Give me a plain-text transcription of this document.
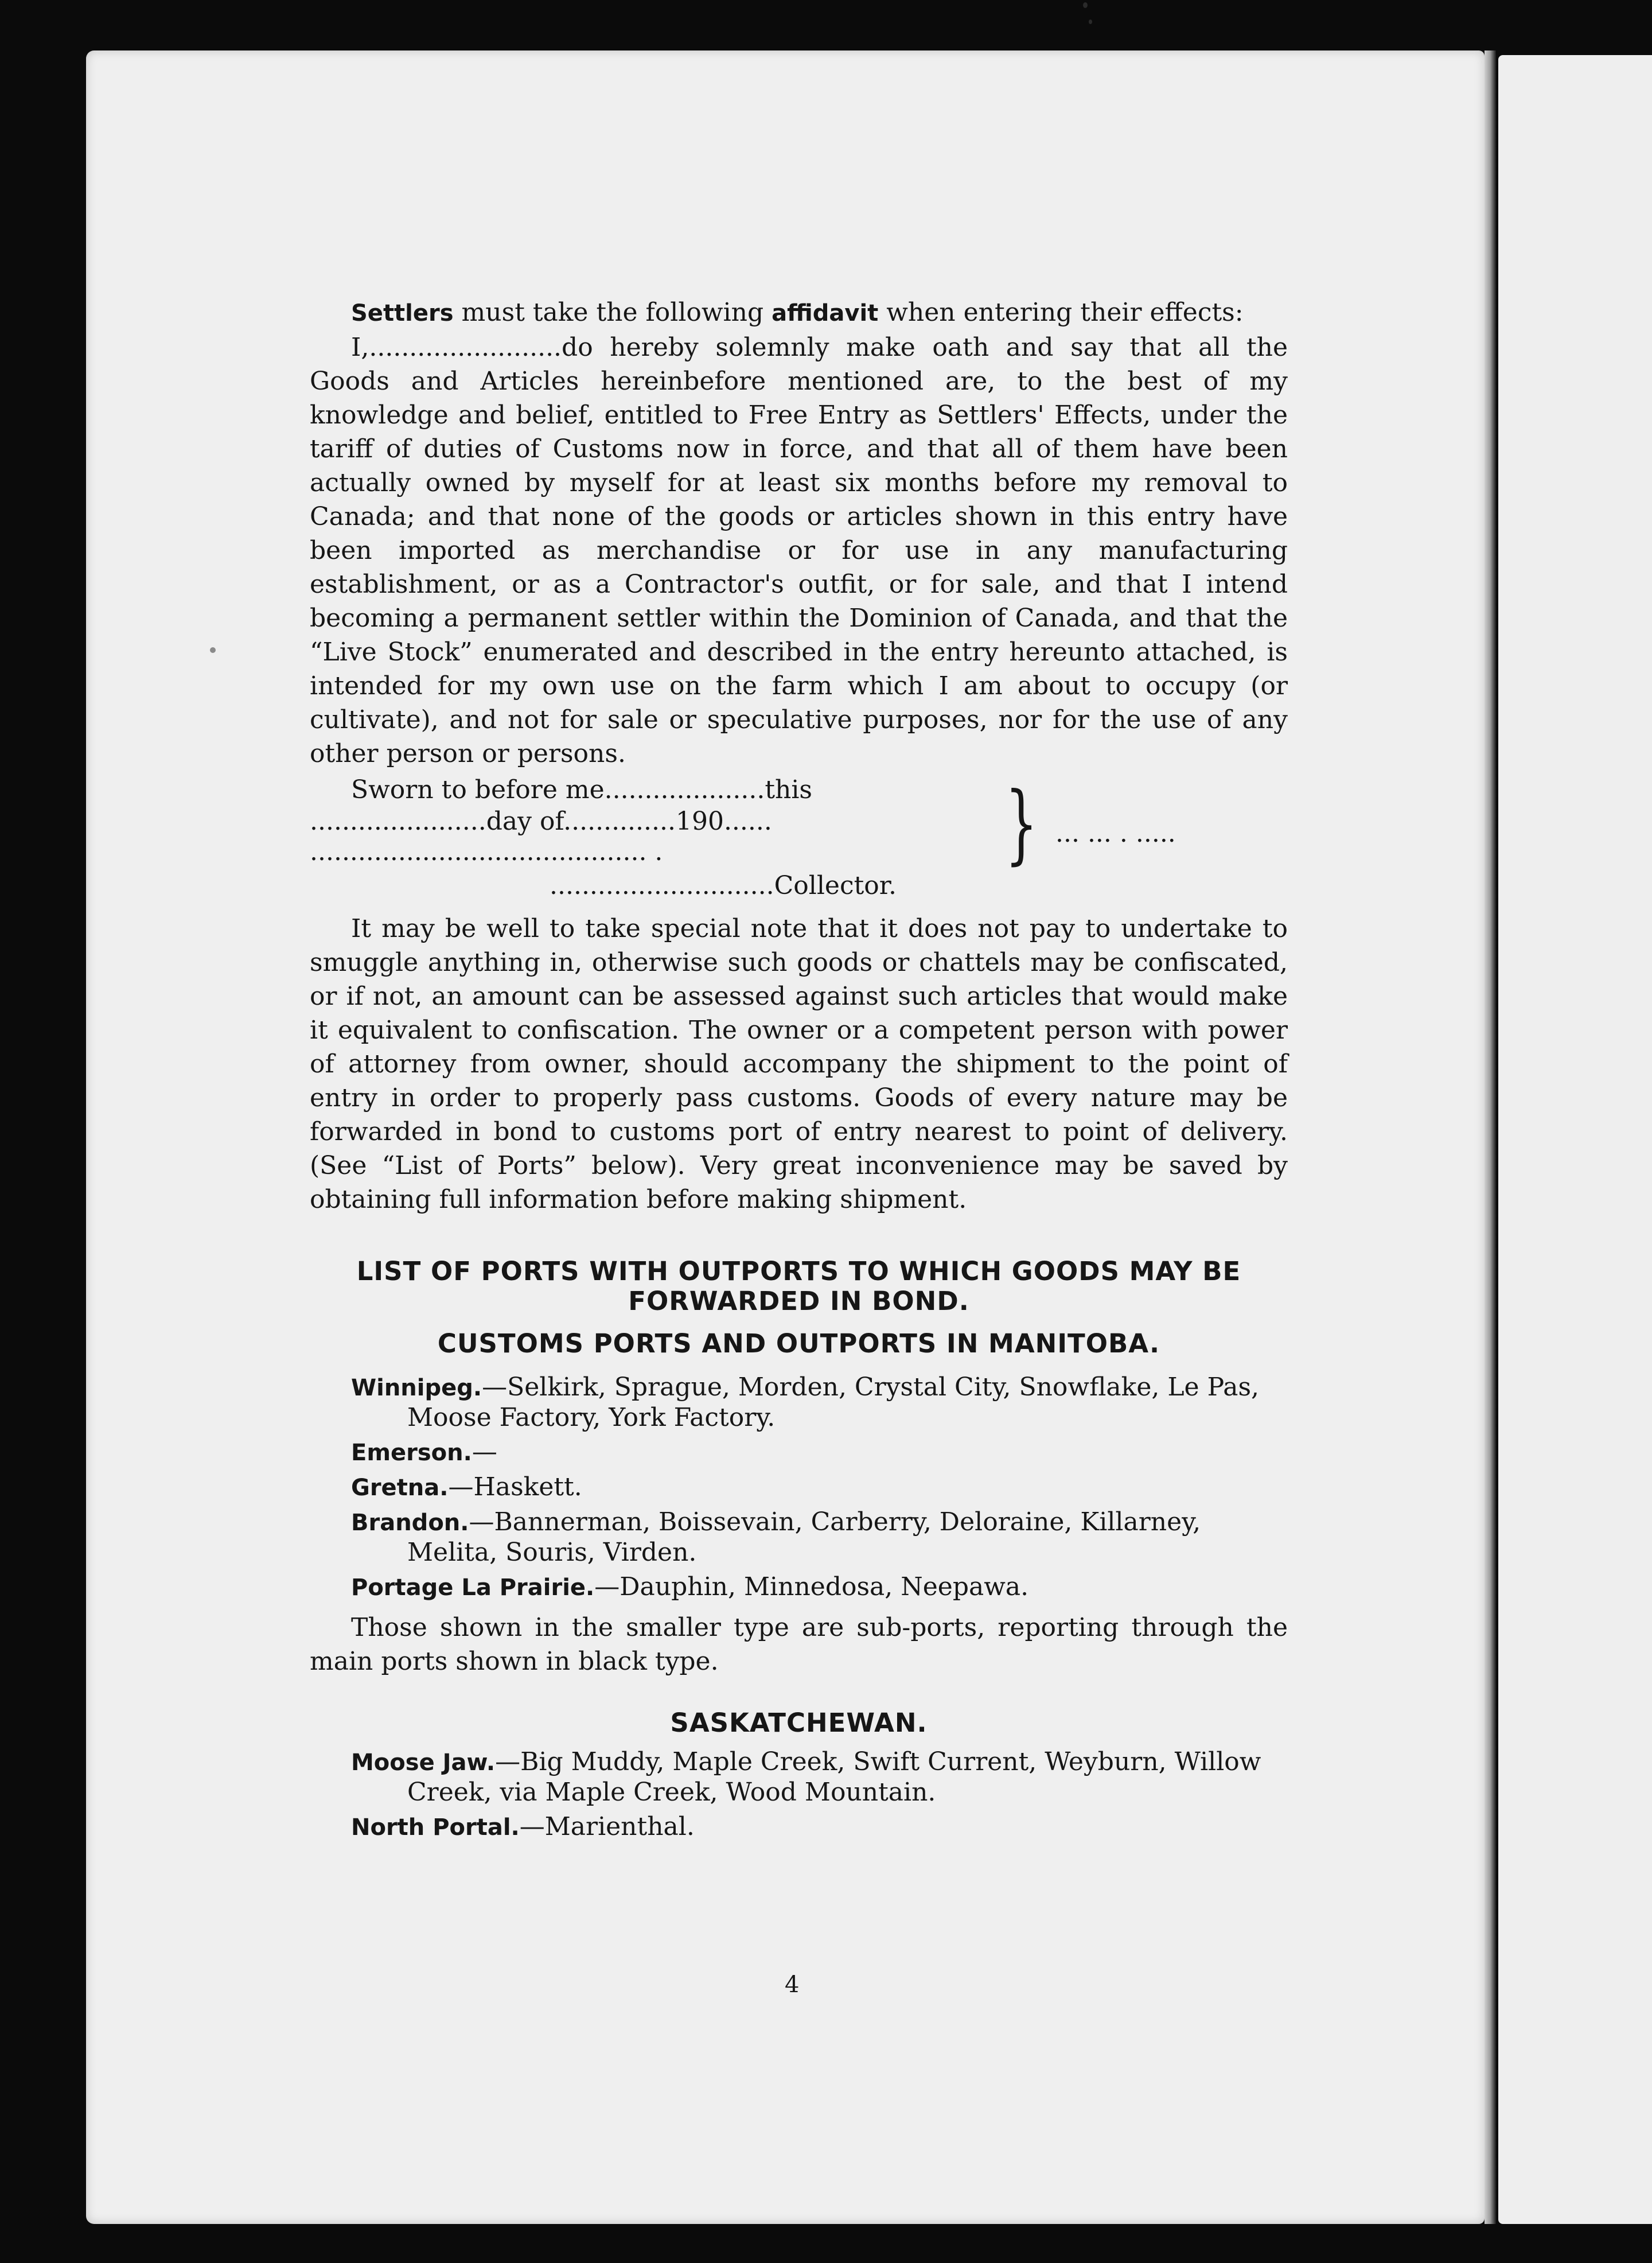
Settlers must take the following affidavit when entering their effects:

I,........................do hereby solemnly make oath and say that all the Goods and Articles hereinbefore mentioned are, to the best of my knowledge and belief, entitled to Free Entry as Settlers' Effects, under the tariff of duties of Customs now in force, and that all of them have been actually owned by myself for at least six months before my removal to Canada; and that none of the goods or articles shown in this entry have been imported as merchandise or for use in any manufacturing establishment, or as a Contractor's outfit, or for sale, and that I intend becoming a permanent settler within the Dominion of Canada, and that the “Live Stock” enumerated and described in the entry hereunto attached, is intended for my own use on the farm which I am about to occupy (or cultivate), and not for sale or speculative purposes, nor for the use of any other person or persons.

Sworn to before me....................this
......................day of..............190......
.......................................... .	} ... ... . .....
............................Collector.

It may be well to take special note that it does not pay to undertake to smuggle anything in, otherwise such goods or chattels may be confiscated, or if not, an amount can be assessed against such articles that would make it equivalent to confiscation. The owner or a competent person with power of attorney from owner, should accompany the shipment to the point of entry in order to properly pass customs. Goods of every nature may be forwarded in bond to customs port of entry nearest to point of delivery. (See “List of Ports” below). Very great inconvenience may be saved by obtaining full information before making shipment.

LIST OF PORTS WITH OUTPORTS TO WHICH GOODS MAY BE FORWARDED IN BOND.

CUSTOMS PORTS AND OUTPORTS IN MANITOBA.

Winnipeg.—Selkirk, Sprague, Morden, Crystal City, Snowflake, Le Pas, Moose Factory, York Factory.

Emerson.—

Gretna.—Haskett.

Brandon.—Bannerman, Boissevain, Carberry, Deloraine, Killarney, Melita, Souris, Virden.

Portage La Prairie.—Dauphin, Minnedosa, Neepawa.

Those shown in the smaller type are sub-ports, reporting through the main ports shown in black type.

SASKATCHEWAN.

Moose Jaw.—Big Muddy, Maple Creek, Swift Current, Weyburn, Willow Creek, via Maple Creek, Wood Mountain.

North Portal.—Marienthal.

4
